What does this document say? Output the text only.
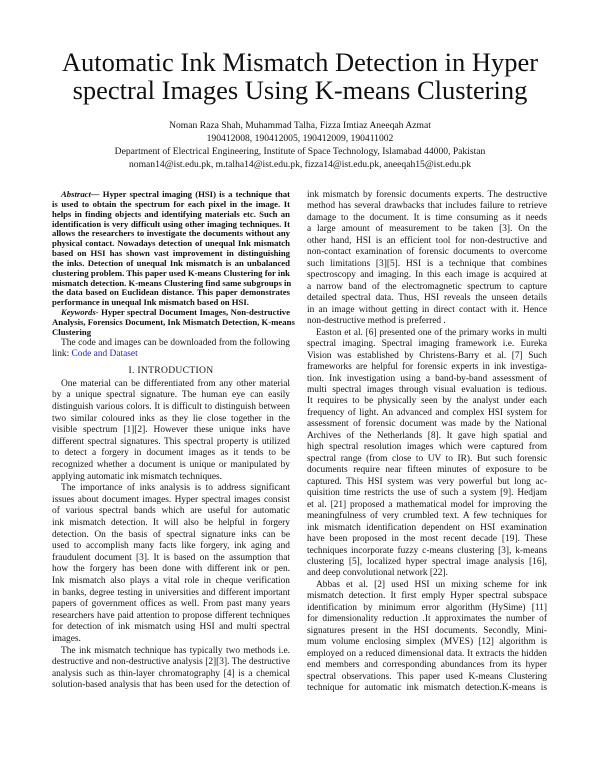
Automatic Ink Mismatch Detection in Hyper
spectral Images Using K-means Clustering
Noman Raza Shah, Muhammad Talha, Fizza Imtiaz Aneeqah Azmat
190412008, 190412005, 190412009, 190411002
Department of Electrical Engineering, Institute of Space Technology, Islamabad 44000, Pakistan
noman14@ist.edu.pk, m.talha14@ist.edu.pk, fizza14@ist.edu.pk, aneeqah15@ist.edu.pk
Abstract— Hyper spectral imaging (HSI) is a technique that
is used to obtain the spectrum for each pixel in the image. It
helps in finding objects and identifying materials etc. Such an
identification is very difficult using other imaging techniques. It
allows the researchers to investigate the documents without any
physical contact. Nowadays detection of unequal Ink mismatch
based on HSI has shown vast improvement in distinguishing
the inks. Detection of unequal Ink mismatch is an unbalanced
clustering problem. This paper used K-means Clustering for ink
mismatch detection. K-means Clustering find same subgroups in
the data based on Euclidean distance. This paper demonstrates
performance in unequal Ink mismatch based on HSI.
Keywords- Hyper spectral Document Images, Non-destructive
Analysis, Forensics Document, Ink Mismatch Detection, K-means
Clustering
The code and images can be downloaded from the following
link: Code and Dataset
I. INTRODUCTION
One material can be differentiated from any other material
by a unique spectral signature. The human eye can easily
distinguish various colors. It is difficult to distinguish between
two similar coloured inks as they lie close together in the
visible spectrum [1][2]. However these unique inks have
different spectral signatures. This spectral property is utilized
to detect a forgery in document images as it tends to be
recognized whether a document is unique or manipulated by
applying automatic ink mismatch techniques.
The importance of inks analysis is to address significant
issues about document images. Hyper spectral images consist
of various spectral bands which are useful for automatic
ink mismatch detection. It will also be helpful in forgery
detection. On the basis of spectral signature inks can be
used to accomplish many facts like forgery, ink aging and
fraudulent document [3]. It is based on the assumption that
how the forgery has been done with different ink or pen.
Ink mismatch also plays a vital role in cheque verification
in banks, degree testing in universities and different important
papers of government offices as well. From past many years
researchers have paid attention to propose different techniques
for detection of ink mismatch using HSI and multi spectral
images.
The ink mismatch technique has typically two methods i.e.
destructive and non-destructive analysis [2][3]. The destructive
analysis such as thin-layer chromatography [4] is a chemical
solution-based analysis that has been used for the detection of
ink mismatch by forensic documents experts. The destructive
method has several drawbacks that includes failure to retrieve
damage to the document. It is time consuming as it needs
a large amount of measurement to be taken [3]. On the
other hand, HSI is an efficient tool for non-destructive and
non-contact examination of forensic documents to overcome
such limitations [3][5]. HSI is a technique that combines
spectroscopy and imaging. In this each image is acquired at
a narrow band of the electromagnetic spectrum to capture
detailed spectral data. Thus, HSI reveals the unseen details
in an image without getting in direct contact with it. Hence
non-destructive method is preferred .
Easton et al. [6] presented one of the primary works in multi
spectral imaging. Spectral imaging framework i.e. Eureka
Vision was established by Christens-Barry et al. [7] Such
frameworks are helpful for forensic experts in ink investiga-
tion. Ink investigation using a band-by-band assessment of
multi spectral images through visual evaluation is tedious.
It requires to be physically seen by the analyst under each
frequency of light. An advanced and complex HSI system for
assessment of forensic document was made by the National
Archives of the Netherlands [8]. It gave high spatial and
high spectral resolution images which were captured from
spectral range (from close to UV to IR). But such forensic
documents require near fifteen minutes of exposure to be
captured. This HSI system was very powerful but long ac-
quisition time restricts the use of such a system [9]. Hedjam
et al. [21] proposed a mathematical model for improving the
meaningfulness of very crumbled text. A few techniques for
ink mismatch identification dependent on HSI examination
have been proposed in the most recent decade [19]. These
techniques incorporate fuzzy c-means clustering [3], k-means
clustering [5], localized hyper spectral image analysis [16],
and deep convolutional network [22].
Abbas et al. [2] used HSI un mixing scheme for ink
mismatch detection. It first emply Hyper spectral subspace
identification by minimum error algorithm (HySime) [11]
for dimensionality reduction .It approximates the number of
signatures present in the HSI documents. Secondly, Mini-
mum volume enclosing simplex (MVES) [12] algorithm is
employed on a reduced dimensional data. It extracts the hidden
end members and corresponding abundances from its hyper
spectral observations. This paper used K-means Clustering
technique for automatic ink mismatch detection.K-means is
